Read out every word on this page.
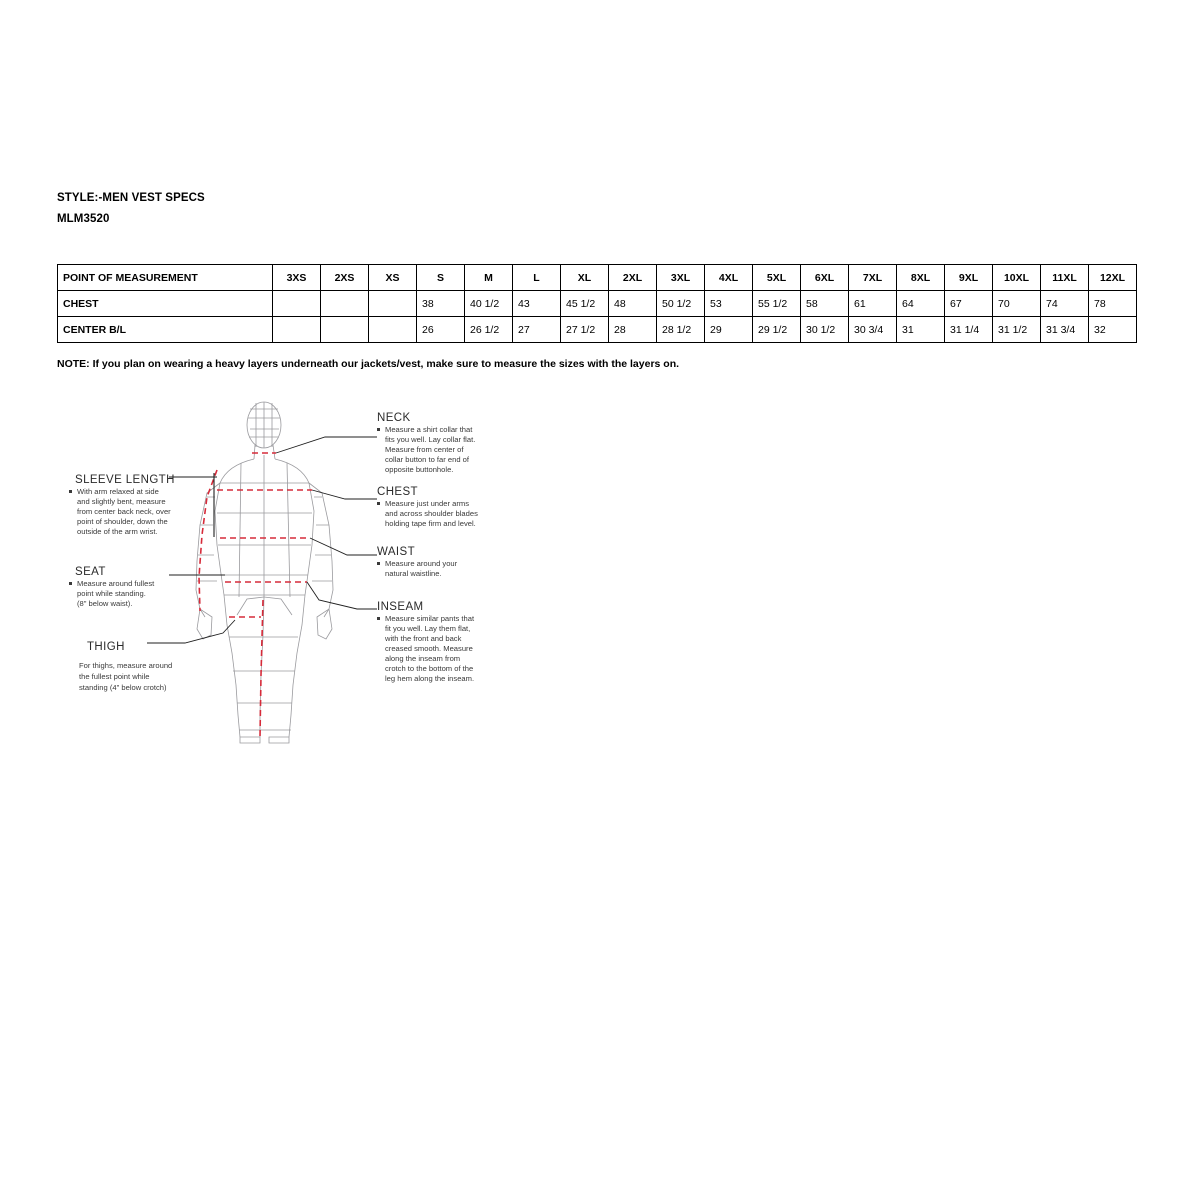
STYLE:-MEN VEST SPECS
MLM3520
POINT OF MEASUREMENT	3XS	2XS	XS	S	M	L	XL	2XL	3XL	4XL	5XL	6XL	7XL	8XL	9XL	10XL	11XL	12XL
CHEST				38	40 1/2	43	45 1/2	48	50 1/2	53	55 1/2	58	61	64	67	70	74	78
CENTER B/L				26	26 1/2	27	27 1/2	28	28 1/2	29	29 1/2	30 1/2	30 3/4	31	31 1/4	31 1/2	31 3/4	32
NOTE: If you plan on wearing a heavy layers underneath our jackets/vest, make sure to measure the sizes with the layers on.
NECK
Measure a shirt collar that
fits you well. Lay collar flat.
Measure from center of
collar button to far end of
opposite buttonhole.
SLEEVE LENGTH
With arm relaxed at side
and slightly bent, measure
from center back neck, over
point of shoulder, down the
outside of the arm wrist.
CHEST
Measure just under arms
and across shoulder blades
holding tape firm and level.
SEAT
Measure around fullest
point while standing.
(8" below waist).
WAIST
Measure around your
natural waistline.
INSEAM
Measure similar pants that
fit you well. Lay them flat,
with the front and back
creased smooth. Measure
along the inseam from
crotch to the bottom of the
leg hem along the inseam.
THIGH
For thighs, measure around
the fullest point while
standing (4" below crotch)
